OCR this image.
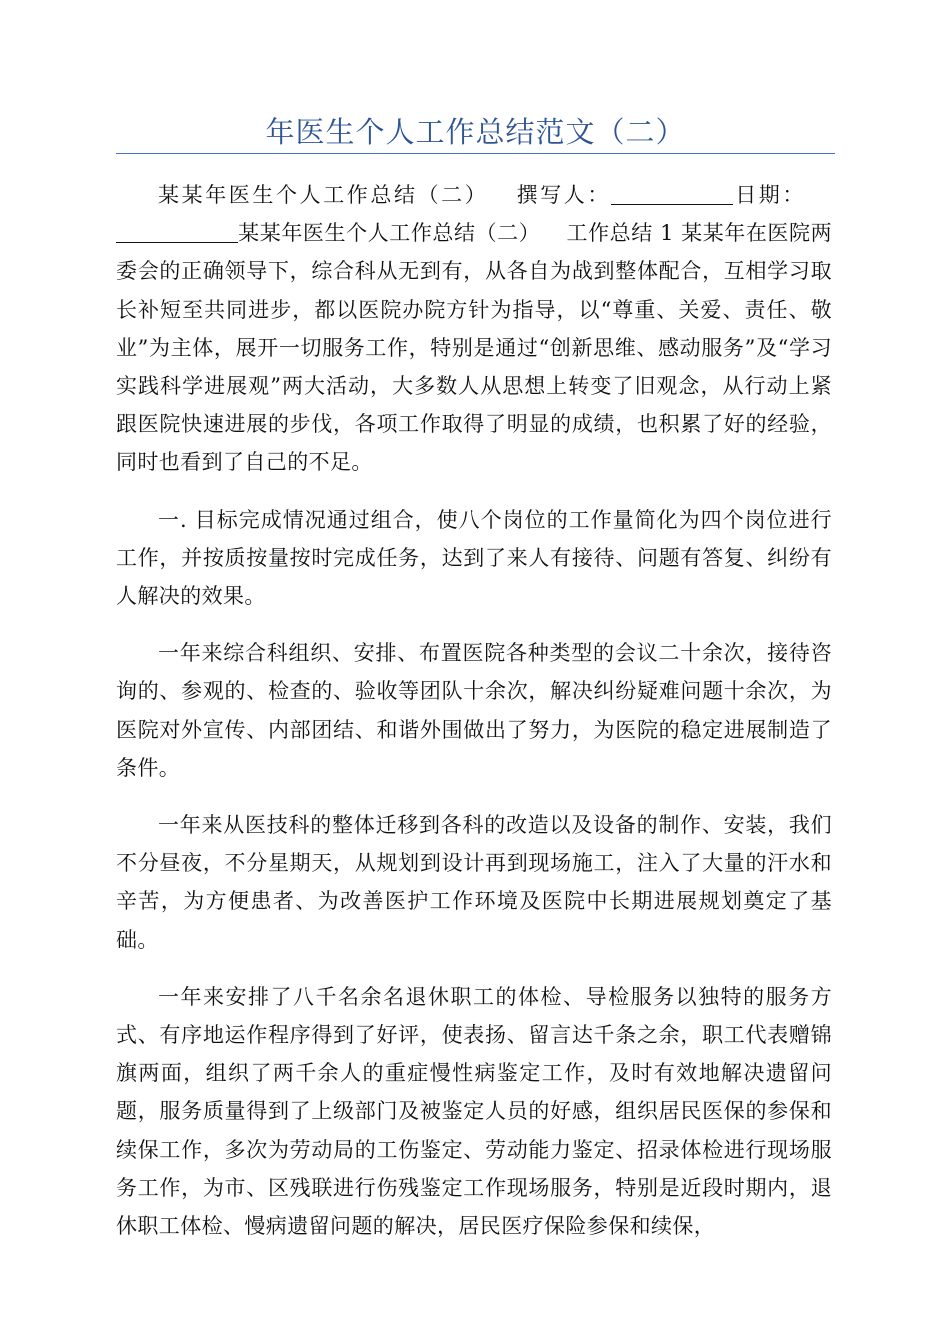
年医生个人工作总结范文（二）

某某年医生个人工作总结（二） 撰写人：	日期：某某年医生个人工作总结（二） 工作总结 1 某某年在医院两委会的正确领导下，综合科从无到有，从各自为战到整体配合，互相学习取长补短至共同进步，都以医院办院方针为指导，以“尊重、关爱、责任、敬业”为主体，展开一切服务工作，特别是通过“创新思维、感动服务”及“学习实践科学进展观”两大活动，大多数人从思想上转变了旧观念，从行动上紧跟医院快速进展的步伐，各项工作取得了明显的成绩，也积累了好的经验，同时也看到了自己的不足。

一. 目标完成情况通过组合，使八个岗位的工作量简化为四个岗位进行工作，并按质按量按时完成任务，达到了来人有接待、问题有答复、纠纷有人解决的效果。

一年来综合科组织、安排、布置医院各种类型的会议二十余次，接待咨询的、参观的、检查的、验收等团队十余次，解决纠纷疑难问题十余次，为医院对外宣传、内部团结、和谐外围做出了努力，为医院的稳定进展制造了条件。

一年来从医技科的整体迁移到各科的改造以及设备的制作、安装，我们不分昼夜，不分星期天，从规划到设计再到现场施工，注入了大量的汗水和辛苦，为方便患者、为改善医护工作环境及医院中长期进展规划奠定了基础。

一年来安排了八千名余名退休职工的体检、导检服务以独特的服务方式、有序地运作程序得到了好评，使表扬、留言达千条之余，职工代表赠锦旗两面，组织了两千余人的重症慢性病鉴定工作，及时有效地解决遗留问题，服务质量得到了上级部门及被鉴定人员的好感，组织居民医保的参保和续保工作，多次为劳动局的工伤鉴定、劳动能力鉴定、招录体检进行现场服务工作，为市、区残联进行伤残鉴定工作现场服务，特别是近段时期内，退休职工体检、慢病遗留问题的解决，居民医疗保险参保和续保，
